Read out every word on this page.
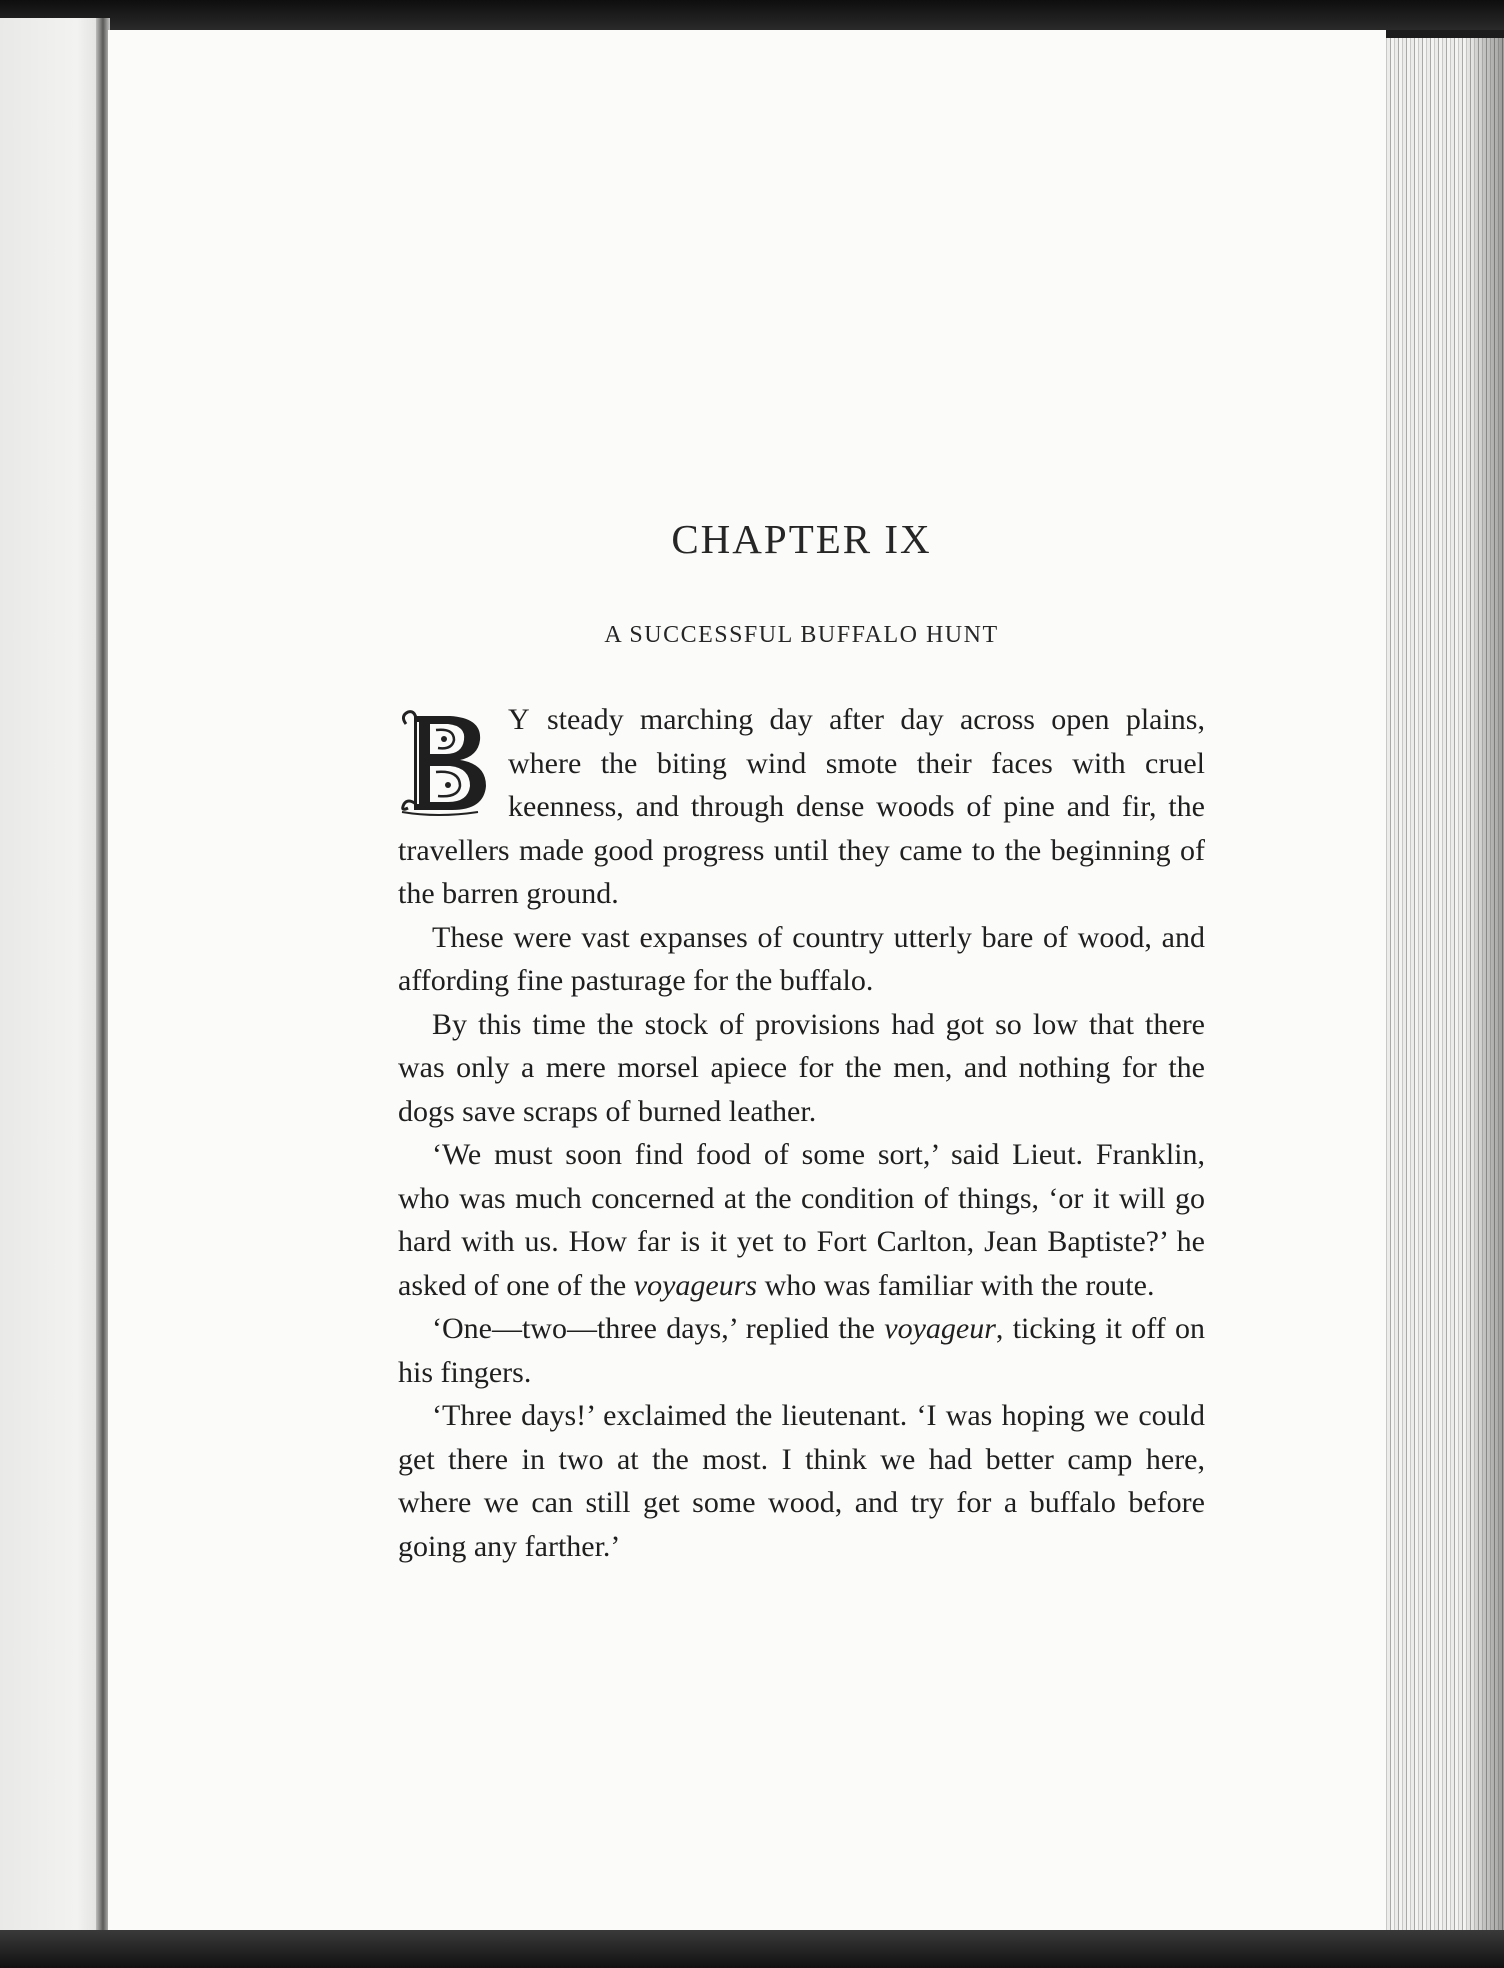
CHAPTER IX
A SUCCESSFUL BUFFALO HUNT

Y steady marching day after day across open plains, where the biting wind smote their faces with cruel keenness, and through dense woods of pine and fir, the travellers made good progress until they came to the beginning of the barren ground.

These were vast expanses of country utterly bare of wood, and affording fine pasturage for the buffalo.

By this time the stock of provisions had got so low that there was only a mere morsel apiece for the men, and nothing for the dogs save scraps of burned leather.

‘We must soon find food of some sort,’ said Lieut. Franklin, who was much concerned at the condition of things, ‘or it will go hard with us. How far is it yet to Fort Carlton, Jean Baptiste?’ he asked of one of the voyageurs who was familiar with the route.

‘One—two—three days,’ replied the voyageur, ticking it off on his fingers.

‘Three days!’ exclaimed the lieutenant. ‘I was hoping we could get there in two at the most. I think we had better camp here, where we can still get some wood, and try for a buffalo before going any farther.’
